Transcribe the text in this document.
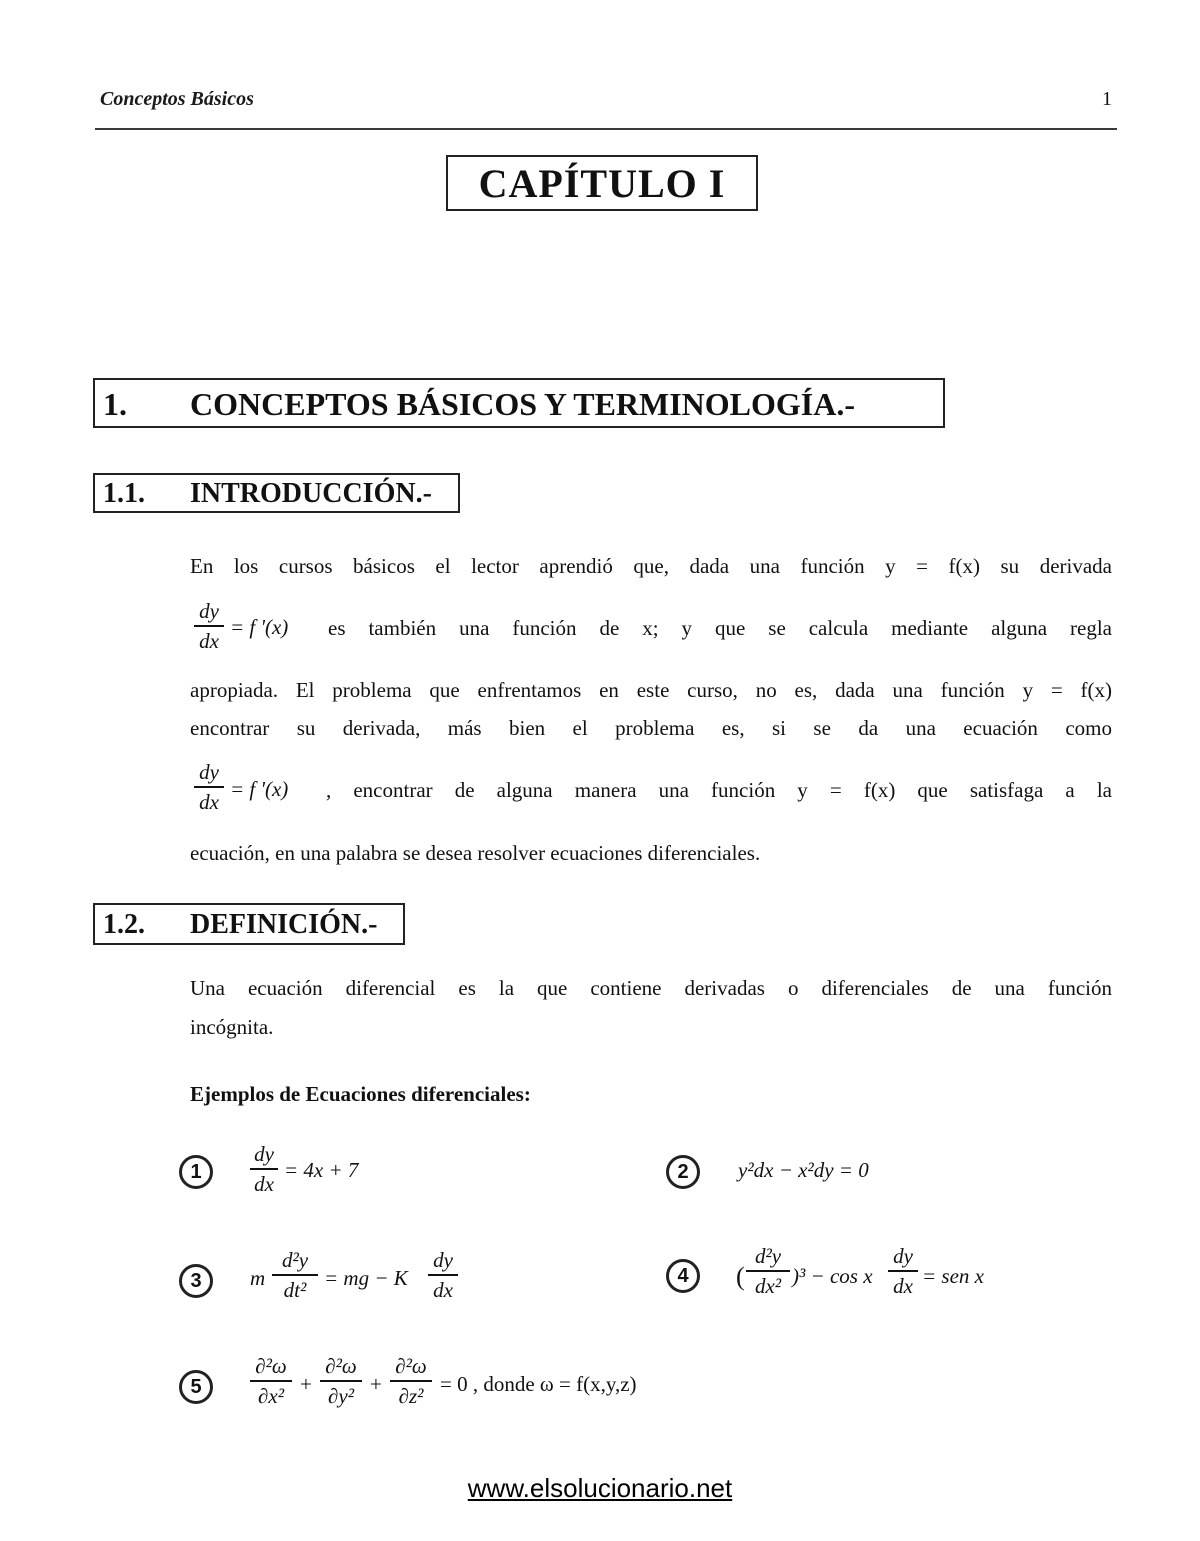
Conceptos Básicos	1
CAPÍTULO I
1. CONCEPTOS BÁSICOS Y TERMINOLOGÍA.-
1.1. INTRODUCCIÓN.-
En los cursos básicos el lector aprendió que, dada una función y = f(x) su derivada
dy
dx
= f '(x) es también una función de x; y que se calcula mediante alguna regla
apropiada. El problema que enfrentamos en este curso, no es, dada una función y = f(x)
encontrar su derivada, más bien el problema es, si se da una ecuación como
dy
dx
= f '(x) , encontrar de alguna manera una función y = f(x) que satisfaga a la
ecuación, en una palabra se desea resolver ecuaciones diferenciales.
1.2. DEFINICIÓN.-
Una ecuación diferencial es la que contiene derivadas o diferenciales de una función
incógnita.
Ejemplos de Ecuaciones diferenciales:
1
dy
dx
= 4x + 7	2	y²dx − x²dy = 0
3	m
d²y
dt² = mg − K
dy
dx
4	(
d²y
dx² )³ − cos x
dy
dx = sen x
5
∂²ω
∂x² +
∂²ω
∂y² +
∂²ω
∂z² = 0 , donde ω = f(x,y,z)
www.elsolucionario.net
